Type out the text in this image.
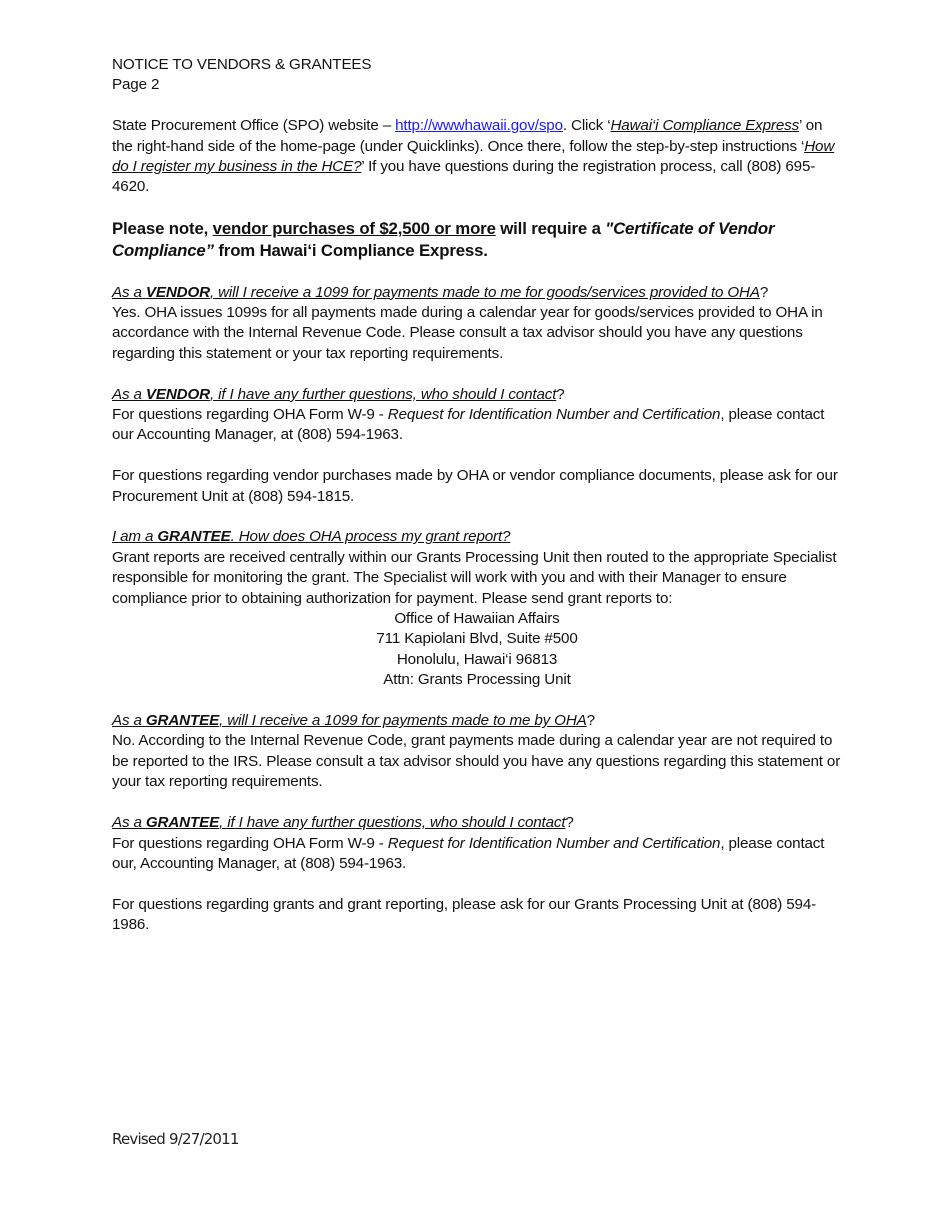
NOTICE TO VENDORS & GRANTEES

Page 2

State Procurement Office (SPO) website – http://wwwhawaii.gov/spo. Click ‘Hawai‘i Compliance Express’ on the right-hand side of the home-page (under Quicklinks). Once there, follow the step-by-step instructions ‘How do I register my business in the HCE?’ If you have questions during the registration process, call (808) 695-4620.

Please note, vendor purchases of $2,500 or more will require a "Certificate of Vendor Compliance” from Hawai‘i Compliance Express.

As a VENDOR, will I receive a 1099 for payments made to me for goods/services provided to OHA?

Yes. OHA issues 1099s for all payments made during a calendar year for goods/services provided to OHA in accordance with the Internal Revenue Code. Please consult a tax advisor should you have any questions regarding this statement or your tax reporting requirements.

As a VENDOR, if I have any further questions, who should I contact?

For questions regarding OHA Form W-9 - Request for Identification Number and Certification, please contact our Accounting Manager, at (808) 594-1963.

For questions regarding vendor purchases made by OHA or vendor compliance documents, please ask for our Procurement Unit at (808) 594-1815.

I am a GRANTEE. How does OHA process my grant report?

Grant reports are received centrally within our Grants Processing Unit then routed to the appropriate Specialist responsible for monitoring the grant. The Specialist will work with you and with their Manager to ensure compliance prior to obtaining authorization for payment. Please send grant reports to:

Office of Hawaiian Affairs

711 Kapiolani Blvd, Suite #500

Honolulu, Hawai‘i 96813

Attn: Grants Processing Unit

As a GRANTEE, will I receive a 1099 for payments made to me by OHA?

No. According to the Internal Revenue Code, grant payments made during a calendar year are not required to be reported to the IRS. Please consult a tax advisor should you have any questions regarding this statement or your tax reporting requirements.

As a GRANTEE, if I have any further questions, who should I contact?

For questions regarding OHA Form W-9 - Request for Identification Number and Certification, please contact our, Accounting Manager, at (808) 594-1963.

For questions regarding grants and grant reporting, please ask for our Grants Processing Unit at (808) 594-1986.

Revised 9/27/2011
